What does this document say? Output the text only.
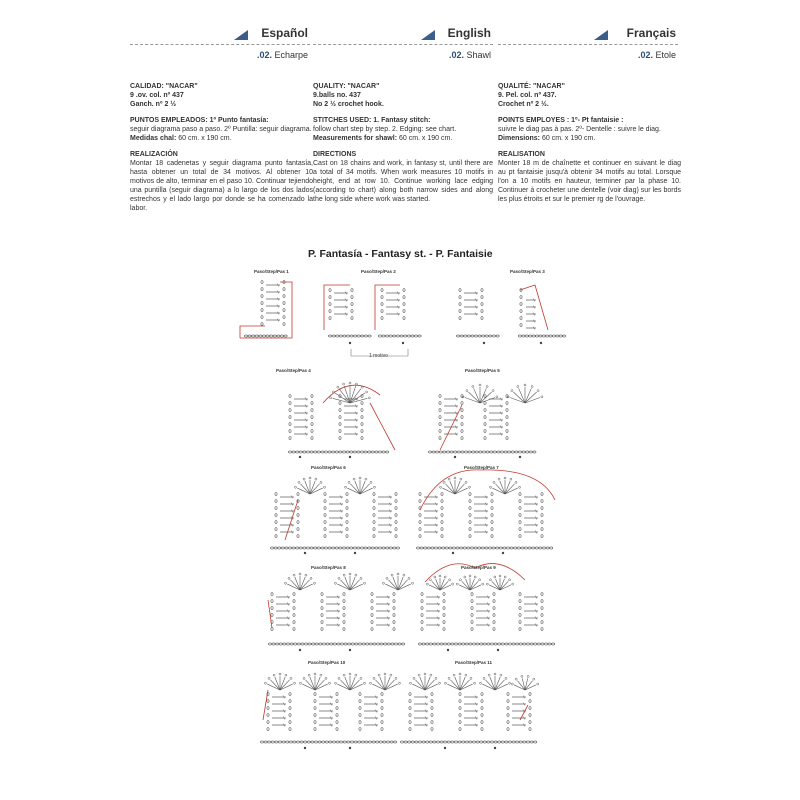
Español
.02. Echarpe
English
.02. Shawl
Français
.02. Etole
CALIDAD: "NACAR"
9 .ov. col. nº 437
Ganch. nº 2 ½
PUNTOS EMPLEADOS: 1º Punto fantasía:
seguir diagrama paso a paso. 2º Puntilla: seguir diagrama.
Medidas chal: 60 cm. x 190 cm.
REALIZACIÓN
Montar 18 cadenetas y seguir diagrama punto fantasía, hasta obtener un total de 34 motivos. Al obtener 10 motivos de alto, terminar en el paso 10. Continuar tejiendo una puntilla (seguir diagrama) a lo largo de los dos lados estrechos y el lado largo por donde se ha comenzado la labor.
QUALITY: "NACAR"
9.balls no. 437
No 2 ½ crochet hook.
STITCHES USED: 1. Fantasy stitch:
follow chart step by step. 2. Edging: see chart.
Measurements for shawl: 60 cm. x 190 cm.
DIRECTIONS
Cast on 18 chains and work, in fantasy st, until there are a total of 34 motifs. When work measures 10 motifs in height, end at row 10. Continue working lace edging (according to chart) along both narrow sides and along the long side where work was started.
QUALITÉ: "NACAR"
9. Pel. col. nº 437.
Crochet nº 2 ½.
POINTS EMPLOYES : 1º- Pt fantaisie :
suivre le diag pas à pas. 2º- Dentelle : suivre le diag.
Dimensions: 60 cm. x 190 cm.
REALISATION
Monter 18 m de chaînette et continuer en suivant le diag au pt fantaisie jusqu'à obtenir 34 motifs au total. Lorsque l'on a 10 motifs en hauteur, terminer par la phase 10. Continuer à crocheter une dentelle (voir diag) sur les bords les plus étroits et sur le premier rg de l'ouvrage.
P. Fantasía - Fantasy st. - P. Fantaisie
Paso/Step/Pas 1	Paso/Step/Pas 2	Paso/Step/Pas 3
Paso/Step/Pas 4	Paso/Step/Pas 5
Paso/Step/Pas 6	Paso/Step/Pas 7
Paso/Step/Pas 8	Paso/Step/Pas 9
Paso/Step/Pas 10	Paso/Step/Pas 11
1 motivo
